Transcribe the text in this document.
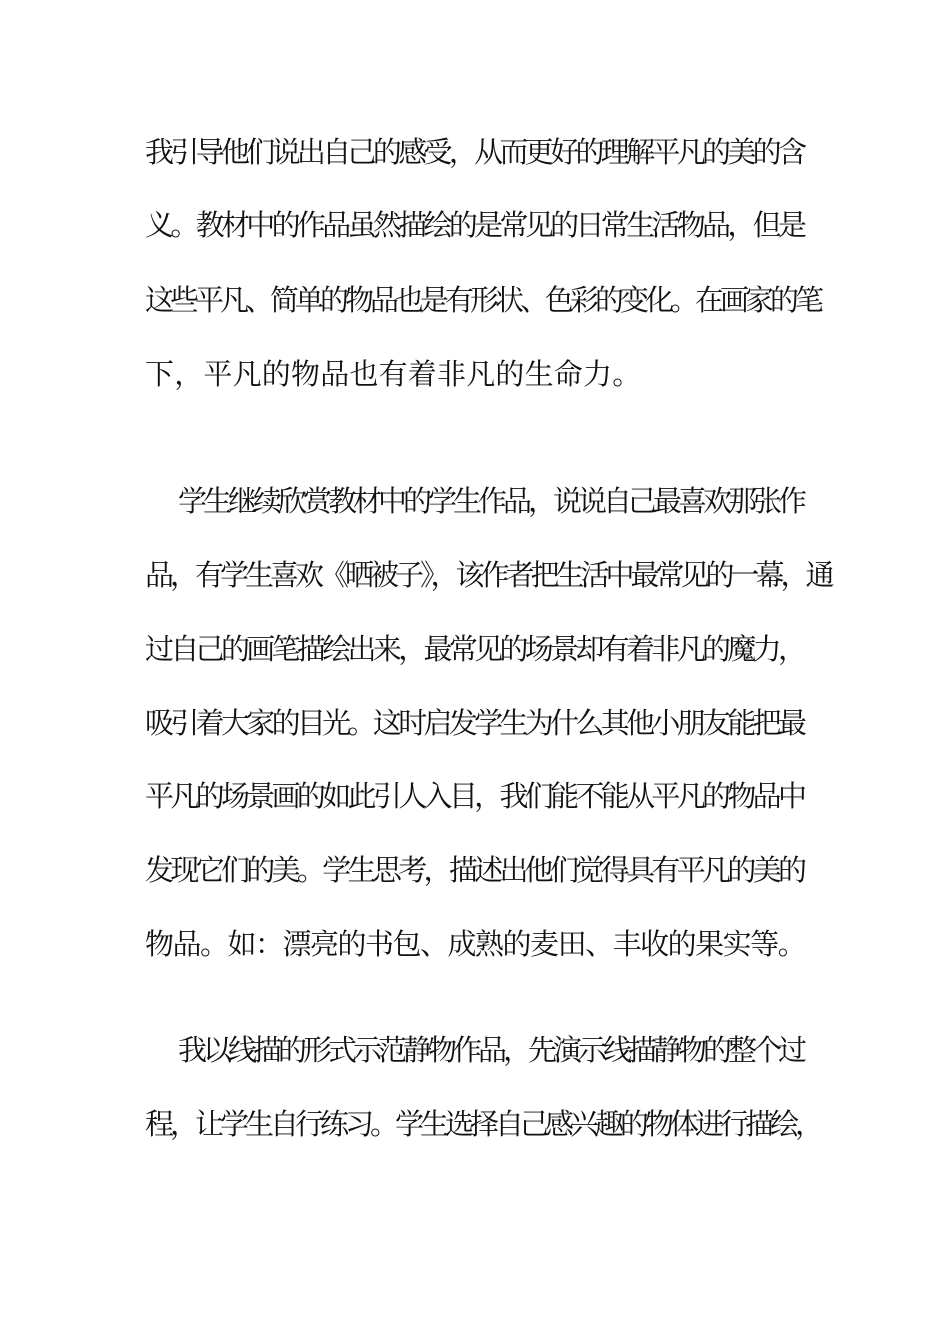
我引导他们说出自己的感受，从而更好的理解平凡的美的含
义。教材中的作品虽然描绘的是常见的日常生活物品，但是
这些平凡、简单的物品也是有形状、色彩的变化。在画家的笔
下，平凡的物品也有着非凡的生命力。
学生继续欣赏教材中的学生作品，说说自己最喜欢那张作
品，有学生喜欢《晒被子》，该作者把生活中最常见的一幕，通
过自己的画笔描绘出来，最常见的场景却有着非凡的魔力，
吸引着大家的目光。这时启发学生为什么其他小朋友能把最
平凡的场景画的如此引人入目，我们能不能从平凡的物品中
发现它们的美。学生思考，描述出他们觉得具有平凡的美的
物品。如：漂亮的书包、成熟的麦田、丰收的果实等。
我以线描的形式示范静物作品，先演示线描静物的整个过
程，让学生自行练习。学生选择自己感兴趣的物体进行描绘，
